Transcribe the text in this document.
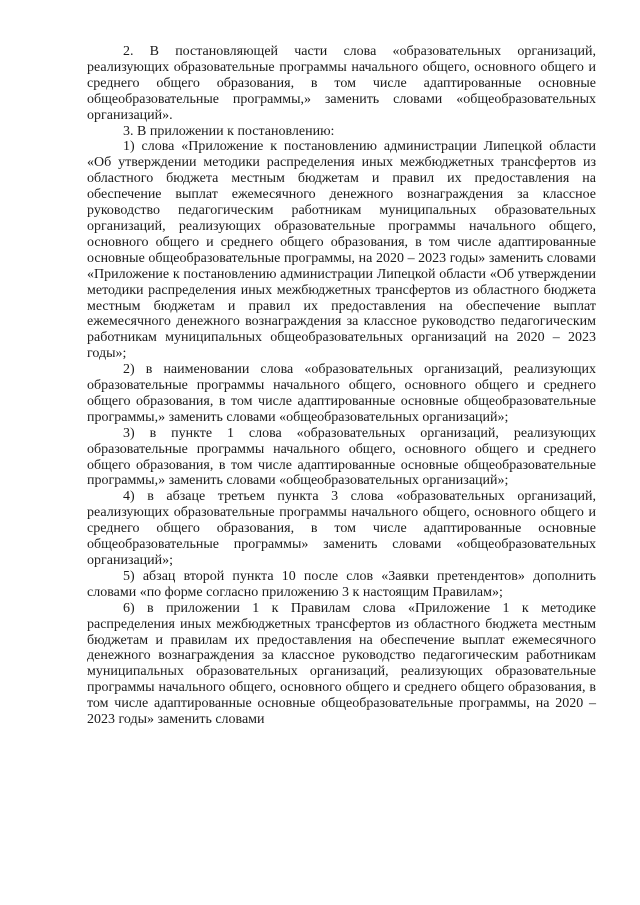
2. В постановляющей части слова «образовательных организаций, реализующих образовательные программы начального общего, основного общего и среднего общего образования, в том числе адаптированные основные общеобразовательные программы,» заменить словами «общеобразовательных организаций».

3. В приложении к постановлению:

1) слова «Приложение к постановлению администрации Липецкой области «Об утверждении методики распределения иных межбюджетных трансфертов из областного бюджета местным бюджетам и правил их предоставления на обеспечение выплат ежемесячного денежного вознаграждения за классное руководство педагогическим работникам муниципальных образовательных организаций, реализующих образовательные программы начального общего, основного общего и среднего общего образования, в том числе адаптированные основные общеобразовательные программы, на 2020 – 2023 годы» заменить словами «Приложение к постановлению администрации Липецкой области «Об утверждении методики распределения иных межбюджетных трансфертов из областного бюджета местным бюджетам и правил их предоставления на обеспечение выплат ежемесячного денежного вознаграждения за классное руководство педагогическим работникам муниципальных общеобразовательных организаций на 2020 – 2023 годы»;

2) в наименовании слова «образовательных организаций, реализующих образовательные программы начального общего, основного общего и среднего общего образования, в том числе адаптированные основные общеобразовательные программы,» заменить словами «общеобразовательных организаций»;

3) в пункте 1 слова «образовательных организаций, реализующих образовательные программы начального общего, основного общего и среднего общего образования, в том числе адаптированные основные общеобразовательные программы,» заменить словами «общеобразовательных организаций»;

4) в абзаце третьем пункта 3 слова «образовательных организаций, реализующих образовательные программы начального общего, основного общего и среднего общего образования, в том числе адаптированные основные общеобразовательные программы» заменить словами «общеобразовательных организаций»;

5) абзац второй пункта 10 после слов «Заявки претендентов» дополнить словами «по форме согласно приложению 3 к настоящим Правилам»;

6) в приложении 1 к Правилам слова «Приложение 1 к методике распределения иных межбюджетных трансфертов из областного бюджета местным бюджетам и правилам их предоставления на обеспечение выплат ежемесячного денежного вознаграждения за классное руководство педагогическим работникам муниципальных образовательных организаций, реализующих образовательные программы начального общего, основного общего и среднего общего образования, в том числе адаптированные основные общеобразовательные программы, на 2020 – 2023 годы» заменить словами
